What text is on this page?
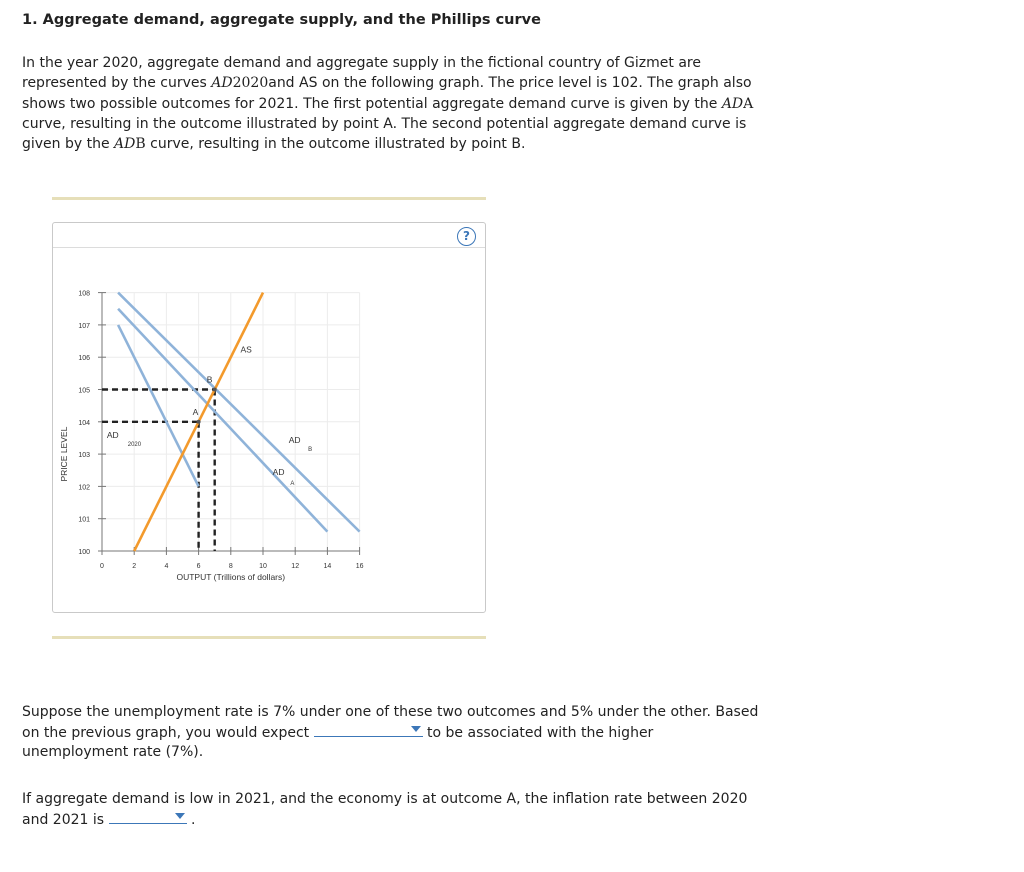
1. Aggregate demand, aggregate supply, and the Phillips curve
In the year 2020, aggregate demand and aggregate supply in the fictional country of Gizmet are represented by the curves AD2020and AS on the following graph. The price level is 102. The graph also shows two possible outcomes for 2021. The first potential aggregate demand curve is given by the ADA curve, resulting in the outcome illustrated by point A. The second potential aggregate demand curve is given by the ADB curve, resulting in the outcome illustrated by point B.
?
100
101
102
103
104
105
106
107
108
0	2	4	6	8	10	12	14	16
OUTPUT (Trillions of dollars)
PRICE LEVEL	AD
2020
AD
A
AD
B
AS
A
B
Suppose the unemployment rate is 7% under one of these two outcomes and 5% under the other. Based on the previous graph, you would expect	to be associated with the higher unemployment rate (7%).
If aggregate demand is low in 2021, and the economy is at outcome A, the inflation rate between 2020 and 2021 is	.
